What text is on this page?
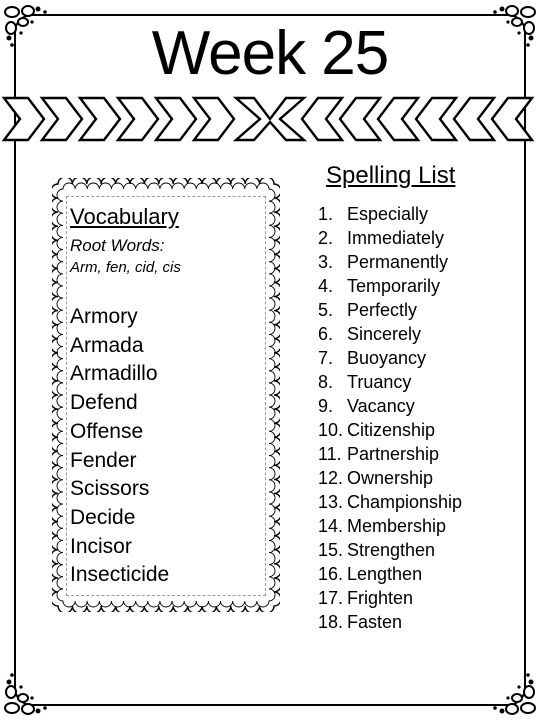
Week 25
Vocabulary
Root Words:
Arm, fen, cid, cis
Armory
Armada
Armadillo
Defend
Offense
Fender
Scissors
Decide
Incisor
Insecticide
Spelling List
1. Especially
2. Immediately
3. Permanently
4. Temporarily
5. Perfectly
6. Sincerely
7. Buoyancy
8. Truancy
9. Vacancy
10. Citizenship
11. Partnership
12. Ownership
13. Championship
14. Membership
15. Strengthen
16. Lengthen
17. Frighten
18. Fasten
